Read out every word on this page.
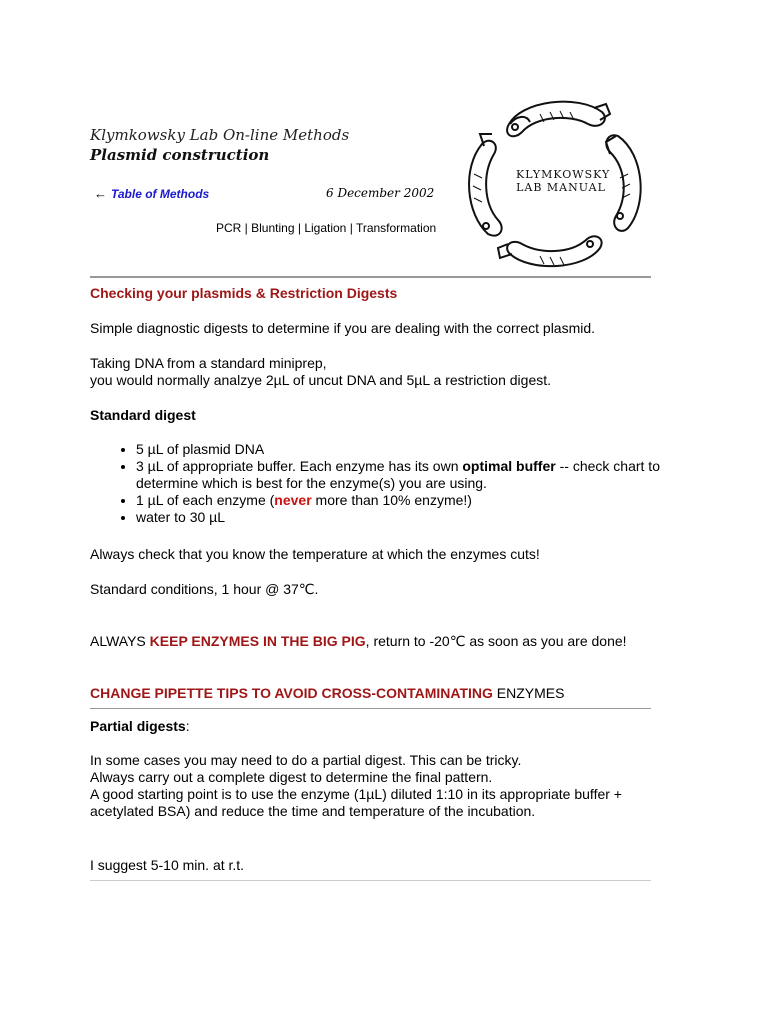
Klymkowsky Lab On-line Methods
Plasmid construction
← Table of Methods	6 December 2002
PCR | Blunting | Ligation | Transformation
KLYMKOWSKY
LAB MANUAL
Checking your plasmids & Restriction Digests
Simple diagnostic digests to determine if you are dealing with the correct plasmid.
Taking DNA from a standard miniprep,
you would normally analzye 2µL of uncut DNA and 5µL a restriction digest.
Standard digest
• 5 µL of plasmid DNA
• 3 µL of appropriate buffer. Each enzyme has its own optimal buffer -- check chart to determine which is best for the enzyme(s) you are using.
• 1 µL of each enzyme (never more than 10% enzyme!)
• water to 30 µL
Always check that you know the temperature at which the enzymes cuts!
Standard conditions, 1 hour @ 37℃.
ALWAYS KEEP ENZYMES IN THE BIG PIG, return to -20℃ as soon as you are done!
CHANGE PIPETTE TIPS TO AVOID CROSS-CONTAMINATING ENZYMES
Partial digests:
In some cases you may need to do a partial digest. This can be tricky.
Always carry out a complete digest to determine the final pattern.
A good starting point is to use the enzyme (1µL) diluted 1:10 in its appropriate buffer + acetylated BSA) and reduce the time and temperature of the incubation.
I suggest 5-10 min. at r.t.
